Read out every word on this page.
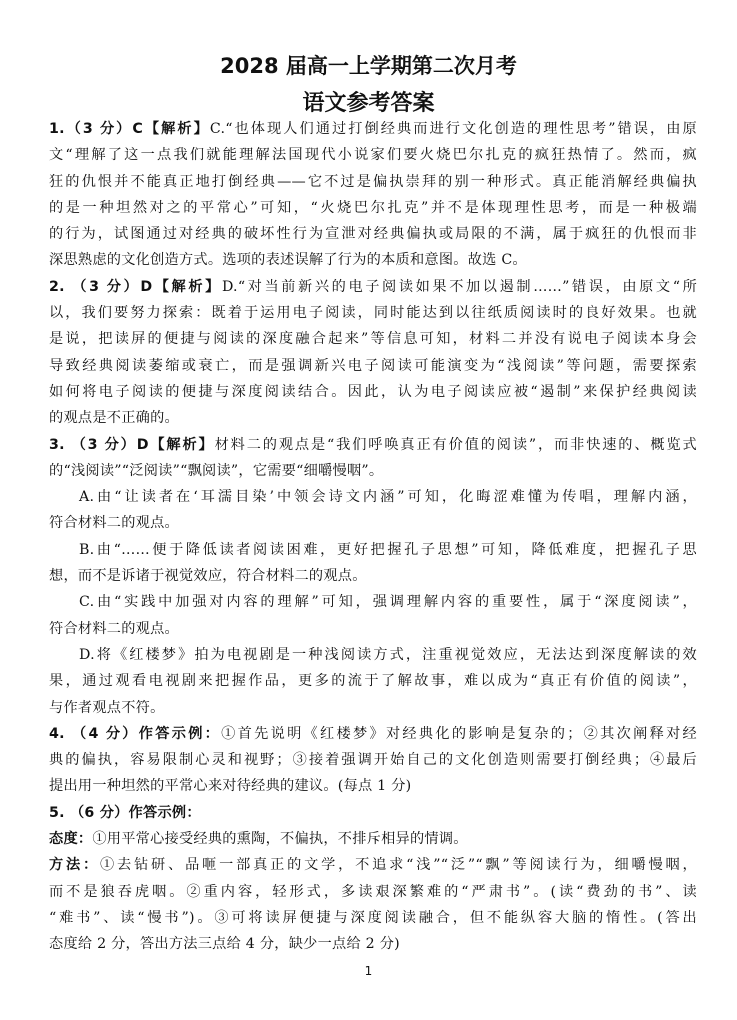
2028 届高一上学期第二次月考
语文参考答案
1.（3 分）C【解析】C.“也体现人们通过打倒经典而进行文化创造的理性思考”错误，由原
文“理解了这一点我们就能理解法国现代小说家们要火烧巴尔扎克的疯狂热情了。然而，疯
狂的仇恨并不能真正地打倒经典——它不过是偏执崇拜的别一种形式。真正能消解经典偏执
的是一种坦然对之的平常心”可知，“火烧巴尔扎克”并不是体现理性思考，而是一种极端
的行为，试图通过对经典的破坏性行为宣泄对经典偏执或局限的不满，属于疯狂的仇恨而非
深思熟虑的文化创造方式。选项的表述误解了行为的本质和意图。故选 C。
2. （3 分）D【解析】D.“对当前新兴的电子阅读如果不加以遏制……”错误，由原文“所
以，我们要努力探索：既着于运用电子阅读，同时能达到以往纸质阅读时的良好效果。也就
是说，把读屏的便捷与阅读的深度融合起来”等信息可知，材料二并没有说电子阅读本身会
导致经典阅读萎缩或衰亡，而是强调新兴电子阅读可能演变为“浅阅读”等问题，需要探索
如何将电子阅读的便捷与深度阅读结合。因此，认为电子阅读应被“遏制”来保护经典阅读
的观点是不正确的。
3. （3 分）D【解析】材料二的观点是“我们呼唤真正有价值的阅读”，而非快速的、概览式
的“浅阅读”“泛阅读”“飘阅读”，它需要“细嚼慢咽”。
A.由“让读者在‘耳濡目染’中领会诗文内涵”可知，化晦涩难懂为传唱，理解内涵，
符合材料二的观点。
B.由“……便于降低读者阅读困难，更好把握孔子思想”可知，降低难度，把握孔子思
想，而不是诉诸于视觉效应，符合材料二的观点。
C.由“实践中加强对内容的理解”可知，强调理解内容的重要性，属于“深度阅读”，
符合材料二的观点。
D.将《红楼梦》拍为电视剧是一种浅阅读方式，注重视觉效应，无法达到深度解读的效
果，通过观看电视剧来把握作品，更多的流于了解故事，难以成为“真正有价值的阅读”，
与作者观点不符。
4. （4 分）作答示例：①首先说明《红楼梦》对经典化的影响是复杂的；②其次阐释对经
典的偏执，容易限制心灵和视野；③接着强调开始自己的文化创造则需要打倒经典；④最后
提出用一种坦然的平常心来对待经典的建议。(每点 1 分)
5. （6 分）作答示例：
态度：①用平常心接受经典的熏陶，不偏执，不排斥相异的情调。
方法：①去钻研、品咂一部真正的文学，不追求“浅”“泛”“飘”等阅读行为，细嚼慢咽，
而不是狼吞虎咽。②重内容，轻形式，多读艰深繁难的“严肃书”。(读“费劲的书”、读
“难书”、读“慢书”)。③可将读屏便捷与深度阅读融合，但不能纵容大脑的惰性。(答出
态度给 2 分，答出方法三点给 4 分，缺少一点给 2 分)
1
